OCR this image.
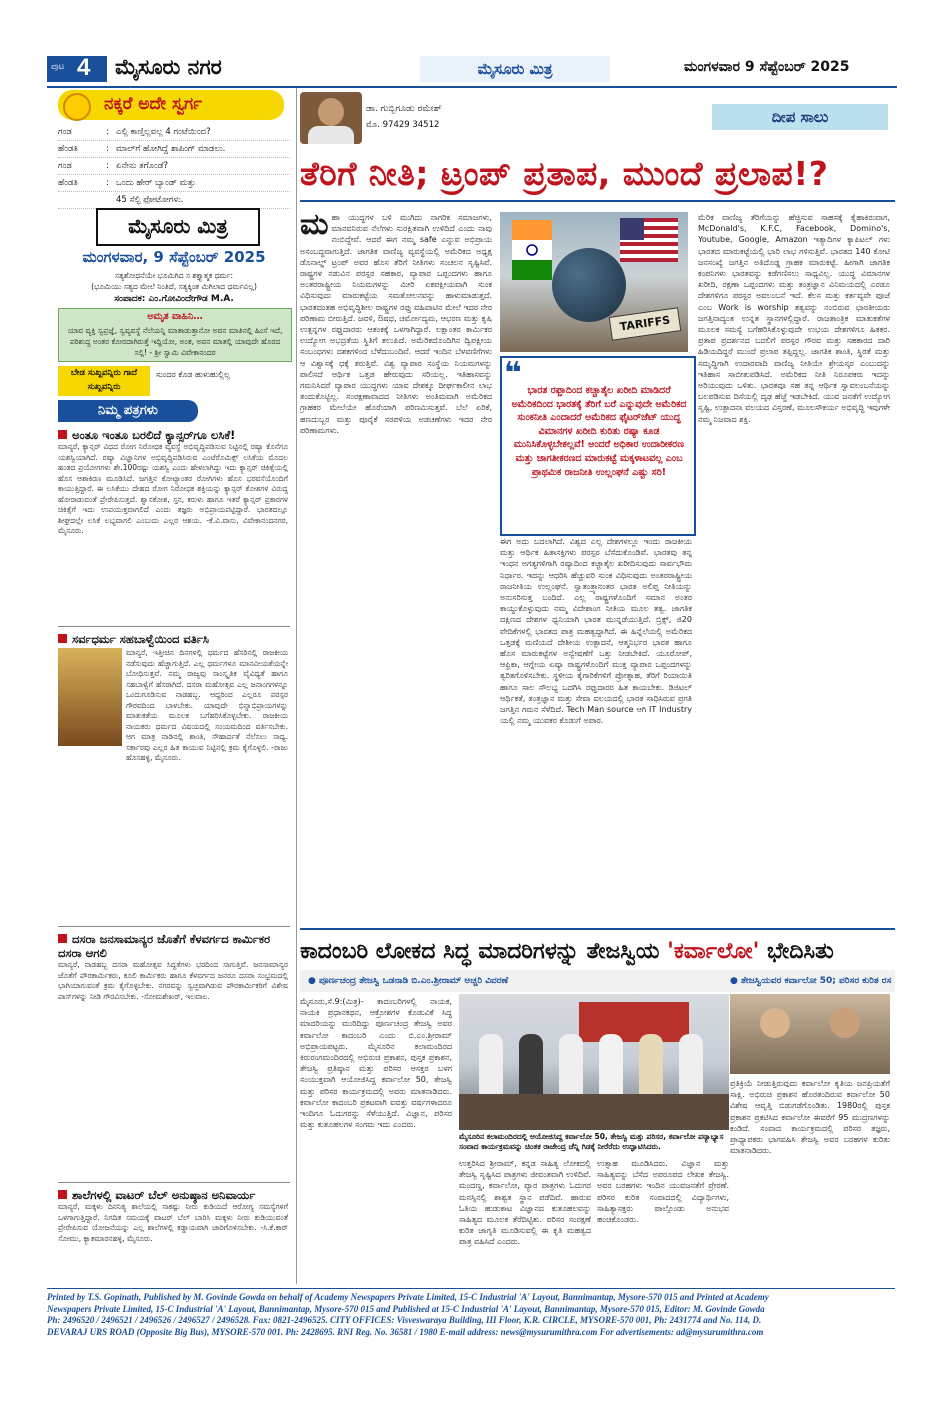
ಪುಟ 4 ಮೈಸೂರು ನಗರ	ಮೈಸೂರು ಮಿತ್ರ	ಮಂಗಳವಾರ 9 ಸೆಪ್ಟೆಂಬರ್ 2025
ನಕ್ಕರೆ ಅದೇ ಸ್ವರ್ಗ
ಗಂಡ	: ಎಲ್ಲಿ ಕಾಣ್ತಿಲ್ಲವಲ್ಲ 4 ಗಂಟೆಯಿಂದ?
ಹೆಂಡತಿ	: ಮಾಲ್‌ಗೆ ಹೋಗಿದ್ದೆ ಶಾಪಿಂಗ್ ಮಾಡಲು.
ಗಂಡ	: ಏನೇನು ತಗೊಂಡೆ?
ಹೆಂಡತಿ	: ಒಂದು ಹೇರ್ ಬ್ಯಾಂಡ್ ಮತ್ತು
45 ಸೆಲ್ಫಿ ಫೋಟೋಗಳು.
ಮೈಸೂರು ಮಿತ್ರ
ಮಂಗಳವಾರ, 9 ಸೆಪ್ಟೆಂಬರ್ 2025
ಸತ್ಯಶೋಧನೆಯೇ ಭೂಮಿಗಿದ ಸ ಶಕ್ತ್ಯಾತ್ಮಕ ಧರ್ಮ:
(ಭೂಮಿಯು ಸತ್ಯದ ಮೇಲೆ ನಿಂತಿದೆ, ಸತ್ಯಕ್ಕಿಂತ ಮಿಗಿಲಾದ ಧರ್ಮವಿಲ್ಲ)
ಸಂಪಾದಕ: ಎಂ.ಗೋವಿಂದೇಗೌಡ M.A.
ಅಮೃತ ವಾಹಿನಿ…
ಯಾವ ವ್ಯಕ್ತಿ ಸ್ವಪ್ರಜ್ಞೆ, ಸ್ವವ್ಯವಸ್ಥೆ ನೆಲೆಯನ್ನಿ ಮಾತಾಡುತ್ತಾನೋ ಅವನ ಮಾತಿನಲ್ಲಿ ಹಿಂಸೆ ಇದೆ, ಪರಿಶುದ್ಧ ಅಂತರ ಕೋರದಾಗಿರುತ್ತೆ ಇದ್ದಿಯೋ, ಅಂತ, ಅವನ ಮಾತಲ್ಲಿ ಯಾವುದೇ ಹೊರದ ಸಲ್ಲಿ! - ಶ್ರೀ ಸ್ವಾಮಿ ವಿವೇಕಾನಂದರ
ಬೇಡ ಸುಖ್ಖವನ್ನಿರು ಗಾದೆ ಸುಖ್ಖವನ್ನಿರು
ಸುಂದರ ಕೊಡ ಹುಳುಹುಲ್ಲಿಲ್ಲ
ನಿಮ್ಮ ಪತ್ರಗಳು
ಅಂತೂ ಇಂತೂ ಬರಲಿದೆ ಕ್ಯಾನ್ಸರ್‌ಗೂ ಲಸಿಕೆ!
ಮಾನ್ಯರೆ, ಕ್ಯಾನ್ಸರ್ ವಿಧದ ರೋಗ ನಿರೋಧಕ ವ್ಯವಸ್ಥೆ ಅಭಿವೃದ್ಧಿಪಡಿಸುವ ನಿಟ್ಟಿನಲ್ಲಿ ರಷ್ಯಾ ಕೊನೆಗೂ ಯಶಸ್ವಿಯಾಗಿದೆ. ರಷ್ಯಾ ವಿಜ್ಞಾನಿಗಳ ಅಭಿವೃದ್ಧಿಪಡಿಸಿರುವ ಎಂಟೆರೊಮಿಕ್ಸ್ ಲಸಿಕೆಯ ಮೊದಲ ಹಂತದ ಪ್ರಯೋಗಗಳು ಶೇ.100ರಷ್ಟು ಯಶಸ್ವಿ ಎಂದು ಹೇಳಲಾಗಿದ್ದು ಇದು ಕ್ಯಾನ್ಸರ್ ಚಿಕಿತ್ಸೆಯಲ್ಲಿ ಹೊಸ ಆಶಾಕಿರಣ ಮೂಡಿಸಿದೆ. ಜಗತ್ತಿನ ಕೋಟ್ಯಾಂತರ ರೋಗಿಗಳು ಹೊಸ ಭರವಸೆಯೊಂದಿಗೆ ಕಾಯುತ್ತಿದ್ದಾರೆ. ಈ ಲಸಿಕೆಯು ದೇಹದ ರೋಗ ನಿರೋಧಕ ಶಕ್ತಿಯನ್ನು ಕ್ಯಾನ್ಸರ್ ಕೋಶಗಳ ವಿರುದ್ಧ ಹೋರಾಡುವಂತೆ ಪ್ರೇರೇಪಿಸುತ್ತದೆ. ಶ್ವಾಸಕೋಶ, ಸ್ತನ, ಕರುಳು ಹಾಗೂ ಇತರೆ ಕ್ಯಾನ್ಸರ್ ಪ್ರಕಾರಗಳ ಚಿಕಿತ್ಸೆಗೆ ಇದು ಉಪಯುಕ್ತವಾಗಲಿದೆ ಎಂದು ತಜ್ಞರು ಅಭಿಪ್ರಾಯಪಟ್ಟಿದ್ದಾರೆ. ಭಾರತದಲ್ಲೂ ಶೀಘ್ರದಲ್ಲೇ ಲಸಿಕೆ ಲಭ್ಯವಾಗಲಿ ಎಂಬುದು ಎಲ್ಲರ ಆಶಯ. -ಕೆ.ವಿ.ವಾಸು, ವಿವೇಕಾನಂದನಗರ, ಮೈಸೂರು.
ಸರ್ವಧರ್ಮ ಸಹಬಾಳ್ವೆಯಿಂದ ವರ್ತಿಸಿ
ಮಾನ್ಯರೆ, ಇತ್ತೀಚಿನ ದಿನಗಳಲ್ಲಿ ಧರ್ಮದ ಹೆಸರಿನಲ್ಲಿ ರಾಜಕೀಯ ನಡೆಸುವುದು ಹೆಚ್ಚಾಗುತ್ತಿದೆ. ಎಲ್ಲ ಧರ್ಮಗಳೂ ಮಾನವೀಯತೆಯನ್ನೇ ಬೋಧಿಸುತ್ತವೆ. ನಮ್ಮ ರಾಜ್ಯವು ಸಾಂಸ್ಕೃತಿಕ ವೈವಿಧ್ಯತೆ ಹಾಗೂ ಸಹಬಾಳ್ವೆಗೆ ಹೆಸರಾಗಿದೆ. ದಸರಾ ಮಹೋತ್ಸವ ಎಲ್ಲ ಜನಾಂಗಗಳನ್ನೂ ಒಂದುಗೂಡಿಸುವ ನಾಡಹಬ್ಬ. ಆದ್ದರಿಂದ ಎಲ್ಲರೂ ಪರಸ್ಪರ ಗೌರವದಿಂದ ಬಾಳಬೇಕು. ಯಾವುದೇ ಭಿನ್ನಾಭಿಪ್ರಾಯಗಳನ್ನು ಮಾತುಕತೆಯ ಮೂಲಕ ಬಗೆಹರಿಸಿಕೊಳ್ಳಬೇಕು. ರಾಜಕೀಯ ನಾಯಕರು ಧರ್ಮದ ವಿಷಯದಲ್ಲಿ ಸಂಯಮದಿಂದ ವರ್ತಿಸಬೇಕು. ಆಗ ಮಾತ್ರ ನಾಡಿನಲ್ಲಿ ಶಾಂತಿ, ಸೌಹಾರ್ದತೆ ನೆಲೆಸಲು ಸಾಧ್ಯ. ಸರ್ಕಾರವು ಎಲ್ಲರ ಹಿತ ಕಾಯುವ ನಿಟ್ಟಿನಲ್ಲಿ ಕ್ರಮ ಕೈಗೊಳ್ಳಲಿ. -ರಾಜು ಹೊಸಹಳ್ಳಿ, ಮೈಸೂರು.
ದಸರಾ ಜನಸಾಮಾನ್ಯರ ಜೊತೆಗೆ ಕೆಳವರ್ಗದ ಕಾರ್ಮಿಕರ ದಸರಾ ಆಗಲಿ
ಮಾನ್ಯರೆ, ನಾಡಹಬ್ಬ ದಸರಾ ಮಹೋತ್ಸವ ಸಿದ್ಧತೆಗಳು ಭರದಿಂದ ಸಾಗುತ್ತಿವೆ. ಜನಸಾಮಾನ್ಯರ ಜೊತೆಗೆ ಪೌರಕಾರ್ಮಿಕರು, ಕೂಲಿ ಕಾರ್ಮಿಕರು ಹಾಗೂ ಕೆಳವರ್ಗದ ಜನರೂ ದಸರಾ ಸಂಭ್ರಮದಲ್ಲಿ ಭಾಗಿಯಾಗುವಂತೆ ಕ್ರಮ ಕೈಗೊಳ್ಳಬೇಕು. ನಗರವನ್ನು ಸ್ವಚ್ಛವಾಗಿಡುವ ಪೌರಕಾರ್ಮಿಕರಿಗೆ ವಿಶೇಷ ಪಾಸ್‌ಗಳನ್ನು ನೀಡಿ ಗೌರವಿಸಬೇಕು. -ಸೋಮಶೇಖರ್, ಇಲವಾಲ.
ಶಾಲೆಗಳಲ್ಲಿ ವಾಟರ್ ಬೆಲ್ ಅನುಷ್ಠಾನ ಅನಿವಾರ್ಯ
ಮಾನ್ಯರೆ, ಮಕ್ಕಳು ದಿನನಿತ್ಯ ಶಾಲೆಯಲ್ಲಿ ಸಾಕಷ್ಟು ನೀರು ಕುಡಿಯದೆ ಆರೋಗ್ಯ ಸಮಸ್ಯೆಗಳಿಗೆ ಒಳಗಾಗುತ್ತಿದ್ದಾರೆ. ನಿಗದಿತ ಸಮಯಕ್ಕೆ ವಾಟರ್ ಬೆಲ್ ಬಾರಿಸಿ ಮಕ್ಕಳು ನೀರು ಕುಡಿಯುವಂತೆ ಪ್ರೇರೇಪಿಸುವ ಯೋಜನೆಯನ್ನು ಎಲ್ಲ ಶಾಲೆಗಳಲ್ಲಿ ಕಡ್ಡಾಯವಾಗಿ ಜಾರಿಗೊಳಿಸಬೇಕು. -ಸಿ.ಕೆ.ಕಾರ್ ಸೋಮು, ಕ್ಯಾತಮಾರನಹಳ್ಳಿ, ಮೈಸೂರು.
ಡಾ. ಗುಬ್ಬಿಗೂಡು ರಮೇಶ್
ಮೊ. 97429 34512	ದೀಪ ಸಾಲು
ತೆರಿಗೆ ನೀತಿ; ಟ್ರಂಪ್ ಪ್ರತಾಪ, ಮುಂದೆ ಪ್ರಲಾಪ!?
ಮಹಾ ಯುದ್ಧಗಳ ಬಳಿ ಮುಗಿದು ನಾಗರಿಕ ಸಮಾಜಗಳು, ಮಾನವನಿರುವ ನೆಲೆಗಳು ಸುರಕ್ಷಿತವಾಗಿ ಉಳಿದಿದೆ ಎಂದು ನಾವು ನಂಬಿದ್ದೇವೆ. ಆದರೆ ಈಗ ನಮ್ಮ safe ಎನ್ನುವ ಅಭಿಪ್ರಾಯ ಅಸಂಬದ್ಧವಾಗುತ್ತಿದೆ. ಜಾಗತಿಕ ವಾಣಿಜ್ಯ ವ್ಯವಸ್ಥೆಯಲ್ಲಿ ಅಮೆರಿಕದ ಅಧ್ಯಕ್ಷ ಡೊನಾಲ್ಡ್ ಟ್ರಂಪ್ ಅವರ ಹೊಸ ತೆರಿಗೆ ನೀತಿಗಳು ಸಂಚಲನ ಸೃಷ್ಟಿಸಿವೆ. ರಾಷ್ಟ್ರಗಳ ನಡುವಿನ ಪರಸ್ಪರ ಸಹಕಾರ, ವ್ಯಾಪಾರ ಒಪ್ಪಂದಗಳು ಹಾಗೂ ಅಂತರರಾಷ್ಟ್ರೀಯ ನಿಯಮಗಳನ್ನು ಮೀರಿ ಏಕಪಕ್ಷೀಯವಾಗಿ ಸುಂಕ ವಿಧಿಸುವುದು ಮಾರುಕಟ್ಟೆಯ ಸಮತೋಲನವನ್ನು ಹಾಳುಮಾಡುತ್ತದೆ. ಭಾರತದಂತಹ ಅಭಿವೃದ್ಧಿಶೀಲ ರಾಷ್ಟ್ರಗಳ ರಫ್ತು ವಹಿವಾಟಿನ ಮೇಲೆ ಇದರ ನೇರ ಪರಿಣಾಮ ಬೀರುತ್ತಿದೆ. ಜವಳಿ, ಔಷಧ, ಚರ್ಮೋದ್ಯಮ, ಆಭರಣ ಮತ್ತು ಕೃಷಿ ಉತ್ಪನ್ನಗಳ ರಫ್ತುದಾರರು ಆತಂಕಕ್ಕೆ ಒಳಗಾಗಿದ್ದಾರೆ. ಲಕ್ಷಾಂತರ ಕಾರ್ಮಿಕರ ಉದ್ಯೋಗ ಅಭದ್ರತೆಯ ಸ್ಥಿತಿಗೆ ತಲುಪಿದೆ. ಅಮೆರಿಕದೊಂದಿಗಿನ ದ್ವಿಪಕ್ಷೀಯ ಸಂಬಂಧಗಳು ದಶಕಗಳಿಂದ ಬೆಳೆದುಬಂದಿವೆ. ಆದರೆ ಇಂದಿನ ಬೆಳವಣಿಗೆಗಳು ಆ ವಿಶ್ವಾಸಕ್ಕೆ ಧಕ್ಕೆ ತರುತ್ತಿವೆ. ವಿಶ್ವ ವ್ಯಾಪಾರ ಸಂಸ್ಥೆಯ ನಿಯಮಗಳನ್ನು ಪಾಲಿಸದೆ ಆರ್ಥಿಕ ಒತ್ತಡ ಹೇರುವುದು ಸರಿಯಲ್ಲ. ಇತಿಹಾಸವನ್ನು ಗಮನಿಸಿದರೆ ವ್ಯಾಪಾರ ಯುದ್ಧಗಳು ಯಾವ ದೇಶಕ್ಕೂ ದೀರ್ಘಕಾಲೀನ ಲಾಭ ತಂದುಕೊಟ್ಟಿಲ್ಲ. ಸಂರಕ್ಷಣಾವಾದದ ನೀತಿಗಳು ಅಂತಿಮವಾಗಿ ಅಮೆರಿಕದ ಗ್ರಾಹಕರ ಮೇಲೆಯೇ ಹೊರೆಯಾಗಿ ಪರಿಣಮಿಸುತ್ತವೆ. ಬೆಲೆ ಏರಿಕೆ, ಹಣದುಬ್ಬರ ಮತ್ತು ಪೂರೈಕೆ ಸರಪಳಿಯ ಅಡಚಣೆಗಳು ಇದರ ನೇರ ಪರಿಣಾಮಗಳು.
TARIFFS
❝ ಭಾರತ ರಫ್ತಾದಿಂದ ಕಚ್ಚಾತೈಲ ಖರೀದಿ ಮಾಡಿದರೆ ಅಮೆರಿಕದಿಂದ ಭಾರತಕ್ಕೆ ತೆರಿಗೆ ಬರೆ ಎನ್ನುವುದೇ ಅಮೆರಿಕದ ಸುಂಕನೀತಿ ಎಂದಾದರೆ ಅಮೆರಿಕದ ಫೈಟರ್‌ಜೆಟ್ ಯುದ್ಧ ವಿಮಾನಗಳ ಖರೀದಿ ಕುರಿತು ರಷ್ಯಾ ಕೂಡ ಮುನಿಸಿಕೊಳ್ಳಬೇಕಲ್ಲವೆ! ಅಂದರೆ ಅಧಿಕಾರ ಉದಾರೀಕರಣ ಮತ್ತು ಜಾಗತೀಕರಣದ ಮಾರುಕಟ್ಟೆ ಮಕ್ಕಳಾಟವಲ್ಲ ಎಂಬ ಪ್ರಾಥಮಿಕ ರಾಜನೀತಿ ಉಲ್ಲಂಘನೆ ಎಷ್ಟು ಸರಿ!
ಈಗ ಅದು ಬದಲಾಗಿದೆ. ವಿಶ್ವದ ಎಲ್ಲ ದೇಶಗಳಲ್ಲೂ ಇಂದು ರಾಜಕೀಯ ಮತ್ತು ಆರ್ಥಿಕ ಹಿತಾಸಕ್ತಿಗಳು ಪರಸ್ಪರ ಬೆಸೆದುಕೊಂಡಿವೆ. ಭಾರತವು ತನ್ನ ಇಂಧನ ಅಗತ್ಯಗಳಿಗಾಗಿ ರಷ್ಯಾದಿಂದ ಕಚ್ಚಾತೈಲ ಖರೀದಿಸುವುದು ಸಾರ್ವಭೌಮ ನಿರ್ಧಾರ. ಇದನ್ನು ಆಧರಿಸಿ ಹೆಚ್ಚುವರಿ ಸುಂಕ ವಿಧಿಸುವುದು ಅಂತರರಾಷ್ಟ್ರೀಯ ರಾಜನೀತಿಯ ಉಲ್ಲಂಘನೆ. ಸ್ವಾತಂತ್ರ್ಯಾನಂತರ ಭಾರತ ಅಲಿಪ್ತ ನೀತಿಯನ್ನು ಅನುಸರಿಸುತ್ತ ಬಂದಿದೆ. ಎಲ್ಲ ರಾಷ್ಟ್ರಗಳೊಂದಿಗೆ ಸಮಾನ ಅಂತರ ಕಾಯ್ದುಕೊಳ್ಳುವುದು ನಮ್ಮ ವಿದೇಶಾಂಗ ನೀತಿಯ ಮೂಲ ತತ್ವ. ಜಾಗತಿಕ ದಕ್ಷಿಣದ ದೇಶಗಳ ಧ್ವನಿಯಾಗಿ ಭಾರತ ಮುನ್ನಡೆಯುತ್ತಿದೆ. ಬ್ರಿಕ್ಸ್, ಜಿ20 ವೇದಿಕೆಗಳಲ್ಲಿ ಭಾರತದ ಪಾತ್ರ ಮಹತ್ವದ್ದಾಗಿದೆ. ಈ ಹಿನ್ನೆಲೆಯಲ್ಲಿ ಅಮೆರಿಕದ ಒತ್ತಡಕ್ಕೆ ಮಣಿಯದೆ ದೇಶೀಯ ಉತ್ಪಾದನೆ, ಆತ್ಮನಿರ್ಭರ ಭಾರತ ಹಾಗೂ ಹೊಸ ಮಾರುಕಟ್ಟೆಗಳ ಅನ್ವೇಷಣೆಗೆ ಒತ್ತು ನೀಡಬೇಕಿದೆ. ಯೂರೋಪ್, ಆಫ್ರಿಕಾ, ಆಗ್ನೇಯ ಏಷ್ಯಾ ರಾಷ್ಟ್ರಗಳೊಂದಿಗೆ ಮುಕ್ತ ವ್ಯಾಪಾರ ಒಪ್ಪಂದಗಳನ್ನು ತ್ವರಿತಗೊಳಿಸಬೇಕು. ಸ್ಥಳೀಯ ಕೈಗಾರಿಕೆಗಳಿಗೆ ಪ್ರೋತ್ಸಾಹ, ತೆರಿಗೆ ರಿಯಾಯಿತಿ ಹಾಗೂ ಸಾಲ ಸೌಲಭ್ಯ ಒದಗಿಸಿ ರಫ್ತುದಾರರ ಹಿತ ಕಾಯಬೇಕು. ಡಿಜಿಟಲ್ ಆರ್ಥಿಕತೆ, ತಂತ್ರಜ್ಞಾನ ಮತ್ತು ಸೇವಾ ವಲಯದಲ್ಲಿ ಭಾರತ ಸಾಧಿಸಿರುವ ಪ್ರಗತಿ ಜಗತ್ತಿನ ಗಮನ ಸೆಳೆದಿದೆ. Tech Man source ಆಗಿ IT Industry ಯಲ್ಲಿ ನಮ್ಮ ಯುವಕರ ಕೊಡುಗೆ ಅಪಾರ.
ಮೆರಿಕ ವಾಣಿಜ್ಯ ತೆರಿಗೆಯನ್ನು ಹೆಚ್ಚಿಸುವ ಸಾಹಸಕ್ಕೆ ಕೈಹಾಕಿರುವಾಗ, McDonald's, K.F.C, Facebook, Domino's, Youtube, Google, Amazon ಇತ್ಯಾದಿಗಳ ಕ್ಯಾಪಿಟಲ್ ಗಳು ಭಾರತದ ಮಾರುಕಟ್ಟೆಯಲ್ಲಿ ಭಾರಿ ಲಾಭ ಗಳಿಸುತ್ತಿವೆ. ಭಾರತದ 140 ಕೋಟಿ ಜನಸಂಖ್ಯೆ ಜಗತ್ತಿನ ಅತಿದೊಡ್ಡ ಗ್ರಾಹಕ ಮಾರುಕಟ್ಟೆ. ಹೀಗಾಗಿ ಜಾಗತಿಕ ಕಂಪನಿಗಳು ಭಾರತವನ್ನು ಕಡೆಗಣಿಸಲು ಸಾಧ್ಯವಿಲ್ಲ. ಯುದ್ಧ ವಿಮಾನಗಳ ಖರೀದಿ, ರಕ್ಷಣಾ ಒಪ್ಪಂದಗಳು ಮತ್ತು ತಂತ್ರಜ್ಞಾನ ವಿನಿಮಯದಲ್ಲಿ ಎರಡೂ ದೇಶಗಳಿಗೂ ಪರಸ್ಪರ ಅವಲಂಬನೆ ಇದೆ. ಕೆಲಸ ಮತ್ತು ಕರ್ತವ್ಯವೇ ಪೂಜೆ ಎಂಬ Work is worship ತತ್ವವನ್ನು ನಂಬಿರುವ ಭಾರತೀಯರು ಜಗತ್ತಿನಾದ್ಯಂತ ಉನ್ನತ ಸ್ಥಾನಗಳಲ್ಲಿದ್ದಾರೆ. ರಾಜತಾಂತ್ರಿಕ ಮಾತುಕತೆಗಳ ಮೂಲಕ ಸಮಸ್ಯೆ ಬಗೆಹರಿಸಿಕೊಳ್ಳುವುದೇ ಉಭಯ ದೇಶಗಳಿಗೂ ಹಿತಕರ. ಪ್ರತಾಪ ಪ್ರದರ್ಶನದ ಬದಲಿಗೆ ಪರಸ್ಪರ ಗೌರವ ಮತ್ತು ಸಹಕಾರದ ದಾರಿ ಹಿಡಿಯದಿದ್ದರೆ ಮುಂದೆ ಪ್ರಲಾಪ ತಪ್ಪಿದ್ದಲ್ಲ. ಜಾಗತಿಕ ಶಾಂತಿ, ಸ್ಥಿರತೆ ಮತ್ತು ಸಮೃದ್ಧಿಗಾಗಿ ಉದಾರವಾದಿ ವಾಣಿಜ್ಯ ನೀತಿಯೇ ಶ್ರೇಯಸ್ಕರ ಎಂಬುದನ್ನು ಇತಿಹಾಸ ಸಾಬೀತುಪಡಿಸಿದೆ. ಅಮೆರಿಕದ ನೀತಿ ನಿರೂಪಕರು ಇದನ್ನು ಅರಿಯುವುದು ಒಳಿತು. ಭಾರತವೂ ಸಹ ತನ್ನ ಆರ್ಥಿಕ ಸ್ವಾವಲಂಬನೆಯನ್ನು ಬಲಪಡಿಸುವ ದಿಸೆಯಲ್ಲಿ ದೃಢ ಹೆಜ್ಜೆ ಇಡಬೇಕಿದೆ. ಯುವ ಜನತೆಗೆ ಉದ್ಯೋಗ ಸೃಷ್ಟಿ, ಉತ್ಪಾದನಾ ವಲಯದ ವಿಸ್ತರಣೆ, ಮೂಲಸೌಕರ್ಯ ಅಭಿವೃದ್ಧಿ ಇವುಗಳೇ ನಮ್ಮ ನಿಜವಾದ ಶಕ್ತಿ.
ಕಾದಂಬರಿ ಲೋಕದ ಸಿದ್ಧ ಮಾದರಿಗಳನ್ನು ತೇಜಸ್ವಿಯ 'ಕರ್ವಾಲೋ' ಭೇದಿಸಿತು
● ಪೂರ್ಣಚಂದ್ರ ತೇಜಸ್ವಿ ಒಡನಾಡಿ ಬಿ.ಎಂ.ಶ್ರೀರಾಮ್ ಅಚ್ಚರಿ ವಿವರಣೆ	● ತೇಜಸ್ವಿಯವರ ಕರ್ವಾಲೋ 50; ಪರಿಸರ ಕುರಿತ ರಸ
ಮೈಸೂರು,ಸೆ.9:(ಮಿತ್ರ)- ಕಾದಂಬರಿಗಳಲ್ಲಿ ನಾಯಕ, ನಾಯಕಿ ಪ್ರಧಾನಕಥನ, ಆಕ್ರೋಶಗಳ ಕೊಡುವಿಕೆ ಸಿದ್ಧ ಮಾದರಿಯನ್ನು ಮುರಿದಿದ್ದು ಪೂರ್ಣಚಂದ್ರ ತೇಜಸ್ವಿ ಅವರ ಕರ್ವಾಲೋ ಕಾದಂಬರಿ ಎಂದು ಬಿ.ಎಂ.ಶ್ರೀರಾಮ್ ಅಭಿಪ್ರಾಯಪಟ್ಟರು. ಮೈಸೂರಿನ ಕಲಾಮಂದಿರದ ಕಿರುರಂಗಮಂದಿರದಲ್ಲಿ ಅಭಿರುಚಿ ಪ್ರಕಾಶನ, ಪುಸ್ತಕ ಪ್ರಕಾಶನ, ತೇಜಸ್ವಿ ಪ್ರತಿಷ್ಠಾನ ಮತ್ತು ಪರಿಸರ ಆಸಕ್ತರ ಬಳಗ ಸಂಯುಕ್ತವಾಗಿ ಆಯೋಜಿಸಿದ್ದ ಕರ್ವಾಲೋ 50, ತೇಜಸ್ವಿ ಮತ್ತು ಪರಿಸರ ಕಾರ್ಯಕ್ರಮದಲ್ಲಿ ಅವರು ಮಾತನಾಡಿದರು. ಕರ್ವಾಲೋ ಕಾದಂಬರಿ ಪ್ರಕಟವಾಗಿ ಐವತ್ತು ವರ್ಷಗಳಾದರೂ ಇಂದಿಗೂ ಓದುಗರನ್ನು ಸೆಳೆಯುತ್ತಿದೆ. ವಿಜ್ಞಾನ, ಪರಿಸರ ಮತ್ತು ಕುತೂಹಲಗಳ ಸಂಗಮ ಇದು ಎಂದರು.
ಮೈಸೂರಿನ ಕಲಾಮಂದಿರದಲ್ಲಿ ಆಯೋಜಿಸಿದ್ದ ಕರ್ವಾಲೋ 50, ತೇಜಸ್ವಿ ಮತ್ತು ಪರಿಸರ, ಕರ್ವಾಲೋ ಪಠ್ಯಾಭ್ಯಾಸ ಸಂವಾದ ಕಾರ್ಯಕ್ರಮವನ್ನು ಚಿಂತಕ ರಾಜೇಂದ್ರ ಚೆನ್ನಿ ಗಿಡಕ್ಕೆ ನೀರೆರೆದು ಉದ್ಘಾಟಿಸಿದರು.
ಉತ್ತರಿಸಿದ ಶ್ರೀರಾಮ್, ಕನ್ನಡ ಸಾಹಿತ್ಯ ಲೋಕದಲ್ಲಿ ತೇಜಸ್ವಿ ಸೃಷ್ಟಿಸಿದ ಪಾತ್ರಗಳು ಜೀವಂತವಾಗಿ ಉಳಿದಿವೆ. ಮಂದಣ್ಣ, ಕರ್ವಾಲೋ, ಪ್ಯಾರ ಪಾತ್ರಗಳು ಓದುಗರ ಮನಸ್ಸಿನಲ್ಲಿ ಶಾಶ್ವತ ಸ್ಥಾನ ಪಡೆದಿವೆ. ಹಾರುವ ಓತಿಯ ಹುಡುಕಾಟ ವಿಜ್ಞಾನದ ಕುತೂಹಲವನ್ನು ಸಾಹಿತ್ಯದ ಮೂಲಕ ತೆರೆದಿಟ್ಟಿತು. ಪರಿಸರ ಸಂರಕ್ಷಣೆ ಕುರಿತ ಜಾಗೃತಿ ಮೂಡಿಸುವಲ್ಲಿ ಈ ಕೃತಿ ಮಹತ್ವದ ಪಾತ್ರ ವಹಿಸಿದೆ ಎಂದರು.
ಉತ್ಸಾಹ ಮೂಡಿಸಿದರು. ವಿಜ್ಞಾನ ಮತ್ತು ಸಾಹಿತ್ಯವನ್ನು ಬೆಸೆದ ಅಪರೂಪದ ಲೇಖಕ ತೇಜಸ್ವಿ. ಅವರ ಬರಹಗಳು ಇಂದಿನ ಯುವಜನತೆಗೆ ಪ್ರೇರಣೆ. ಪರಿಸರ ಕುರಿತ ಸಂವಾದದಲ್ಲಿ ವಿದ್ಯಾರ್ಥಿಗಳು, ಸಾಹಿತ್ಯಾಸಕ್ತರು ಪಾಲ್ಗೊಂಡು ಅನುಭವ ಹಂಚಿಕೊಂಡರು.
ಪ್ರತಿಕ್ರಿಯೆ ನೀಡುತ್ತಿರುವುದು ಕರ್ವಾಲೋ ಕೃತಿಯ ಜನಪ್ರಿಯತೆಗೆ ಸಾಕ್ಷಿ. ಅಭಿರುಚಿ ಪ್ರಕಾಶನ ಹೊರತಂದಿರುವ ಕರ್ವಾಲೋ 50 ವಿಶೇಷ ಆವೃತ್ತಿ ಬಿಡುಗಡೆಗೊಂಡಿತು. 1980ರಲ್ಲಿ ಪುಸ್ತಕ ಪ್ರಕಾಶನ ಪ್ರಕಟಿಸಿದ ಕರ್ವಾಲೋ ಈವರೆಗೆ 95 ಮುದ್ರಣಗಳನ್ನು ಕಂಡಿದೆ. ಸಂವಾದ ಕಾರ್ಯಕ್ರಮದಲ್ಲಿ ಪರಿಸರ ತಜ್ಞರು, ಪ್ರಾಧ್ಯಾಪಕರು ಭಾಗವಹಿಸಿ ತೇಜಸ್ವಿ ಅವರ ಬರಹಗಳ ಕುರಿತು ಮಾತನಾಡಿದರು.
Printed by T.S. Gopinath, Published by M. Govinde Gowda on behalf of Academy Newspapers Private Limited, 15-C Industrial 'A' Layout, Bannimantap, Mysore-570 015 and Printed at Academy
Newspapers Private Limited, 15-C Industrial 'A' Layout, Bannimantap, Mysore-570 015 and Published at 15-C Industrial 'A' Layout, Bannimantap, Mysore-570 015, Editor: M. Govinde Gowda
Ph: 2496520 / 2496521 / 2496526 / 2496527 / 2496528. Fax: 0821-2496525. CITY OFFICES: Visveswaraya Building, III Floor, K.R. CIRCLE, MYSORE-570 001, Ph: 2431774 and No. 114, D.
DEVARAJ URS ROAD (Opposite Big Bus), MYSORE-570 001. Ph: 2428695. RNI Reg. No. 36581 / 1980 E-mail address: news@mysurumithra.com For advertisements: ad@mysurumithra.com
